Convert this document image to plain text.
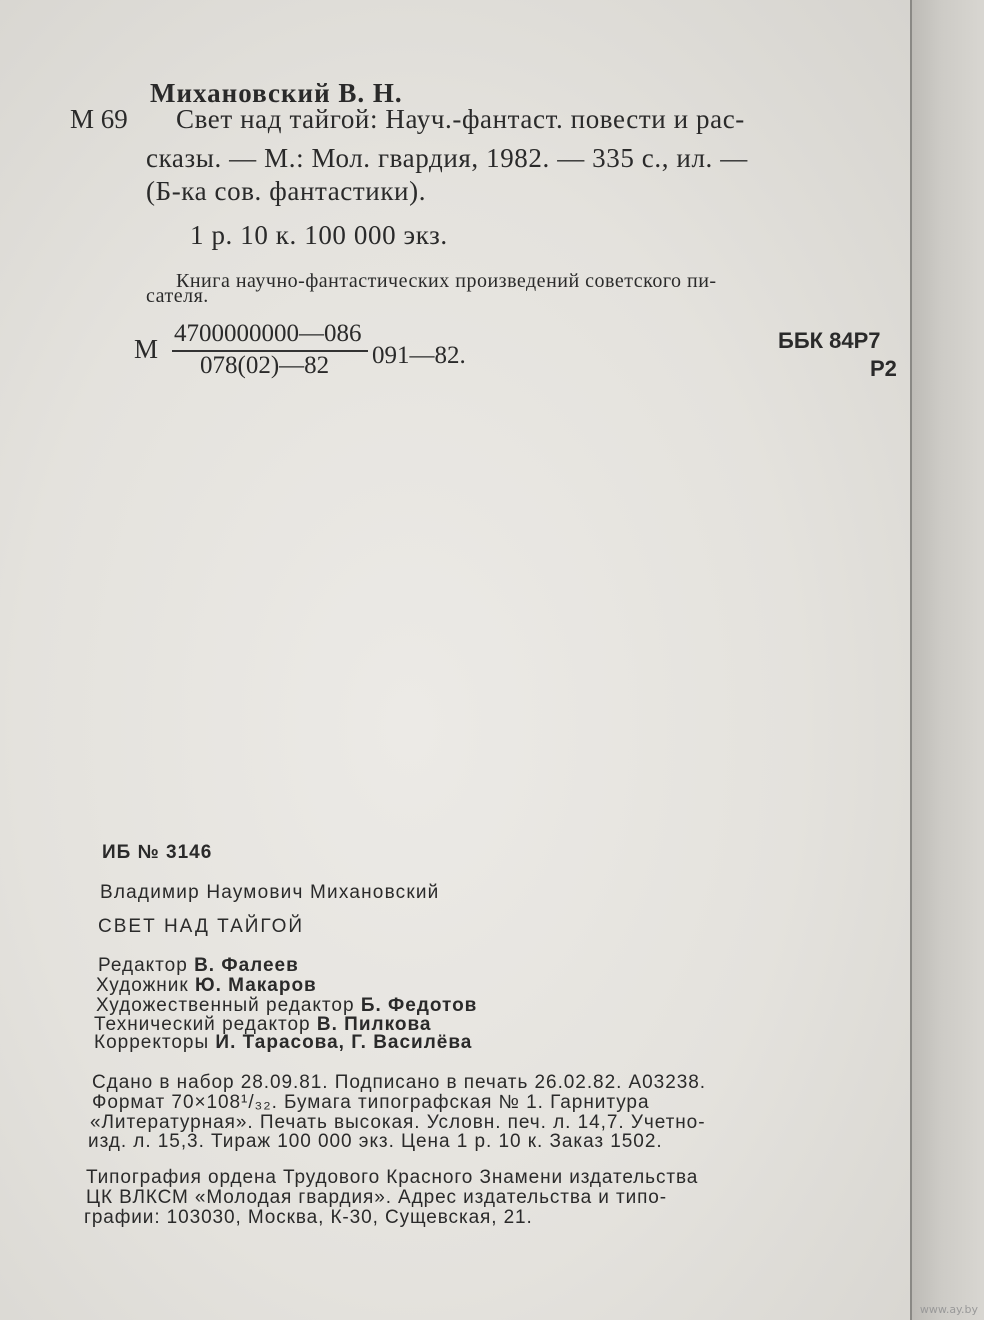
Михановский В. Н.
М 69 Свет над тайгой: Науч.-фантаст. повести и рас-
сказы. — М.: Мол. гвардия, 1982. — 335 с., ил. —
(Б-ка сов. фантастики).
1 р. 10 к. 100 000 экз.
Книга научно-фантастических произведений советского пи-
сателя.
М
4700000000—086
078(02)—82 091—82.
ББК 84Р7
Р2
ИБ № 3146
Владимир Наумович Михановский
СВЕТ НАД ТАЙГОЙ
Редактор В. Фалеев
Художник Ю. Макаров
Художественный редактор Б. Федотов
Технический редактор В. Пилкова
Корректоры И. Тарасова, Г. Василёва
Сдано в набор 28.09.81. Подписано в печать 26.02.82. А03238.
Формат 70×108¹/₃₂. Бумага типографская № 1. Гарнитура
«Литературная». Печать высокая. Условн. печ. л. 14,7. Учетно-
изд. л. 15,3. Тираж 100 000 экз. Цена 1 р. 10 к. Заказ 1502.
Типография ордена Трудового Красного Знамени издательства
ЦК ВЛКСМ «Молодая гвардия». Адрес издательства и типо-
графии: 103030, Москва, К-30, Сущевская, 21.
www.ay.by
